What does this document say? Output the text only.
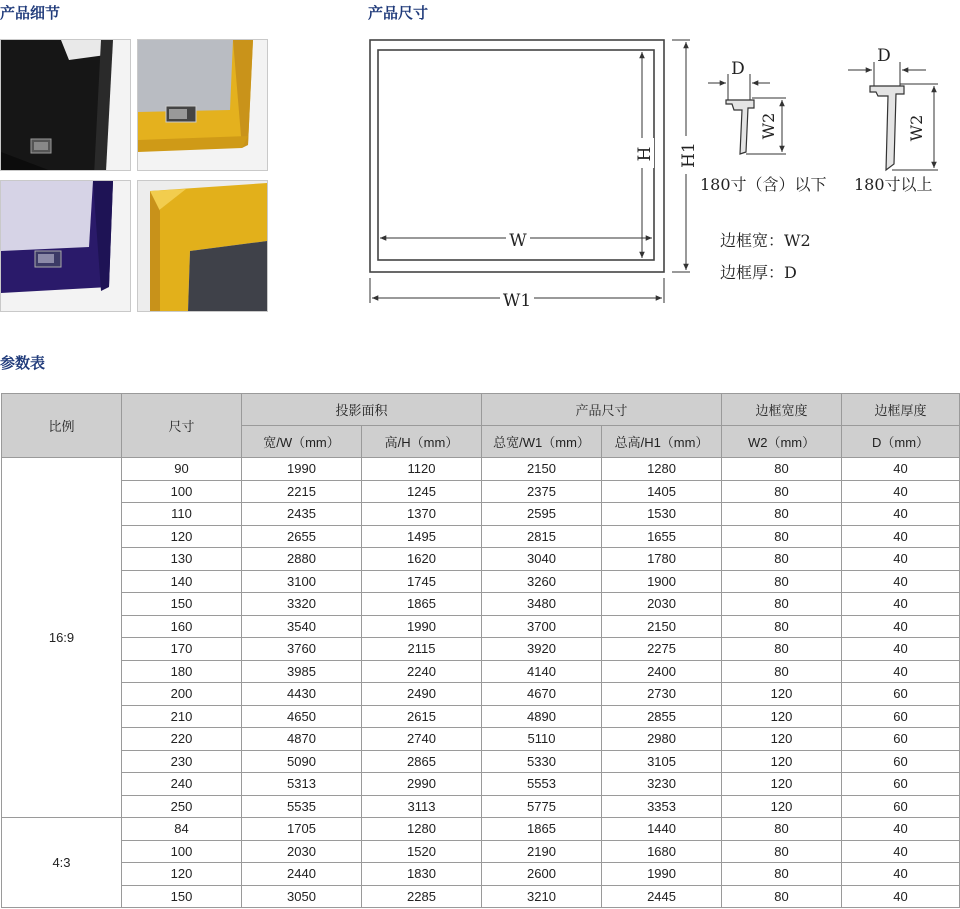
产品细节	产品尺寸
参数表
W
H H1
W1
D
W2
180寸（含）以下
D
W2
180寸以上
边框宽：W2
边框厚：D
比例	尺寸	投影面积		产品尺寸		边框宽度	边框厚度
		宽/W（mm）	高/H（mm）	总宽/W1（mm）	总高/H1（mm）	W2（mm）	D（mm）
16:9	90	1990	1120	2150	1280	80	40
	100	2215	1245	2375	1405	80	40
	110	2435	1370	2595	1530	80	40
	120	2655	1495	2815	1655	80	40
	130	2880	1620	3040	1780	80	40
	140	3100	1745	3260	1900	80	40
	150	3320	1865	3480	2030	80	40
	160	3540	1990	3700	2150	80	40
	170	3760	2115	3920	2275	80	40
	180	3985	2240	4140	2400	80	40
	200	4430	2490	4670	2730	120	60
	210	4650	2615	4890	2855	120	60
	220	4870	2740	5110	2980	120	60
	230	5090	2865	5330	3105	120	60
	240	5313	2990	5553	3230	120	60
	250	5535	3113	5775	3353	120	60
4:3	84	1705	1280	1865	1440	80	40
	100	2030	1520	2190	1680	80	40
	120	2440	1830	2600	1990	80	40
	150	3050	2285	3210	2445	80	40
